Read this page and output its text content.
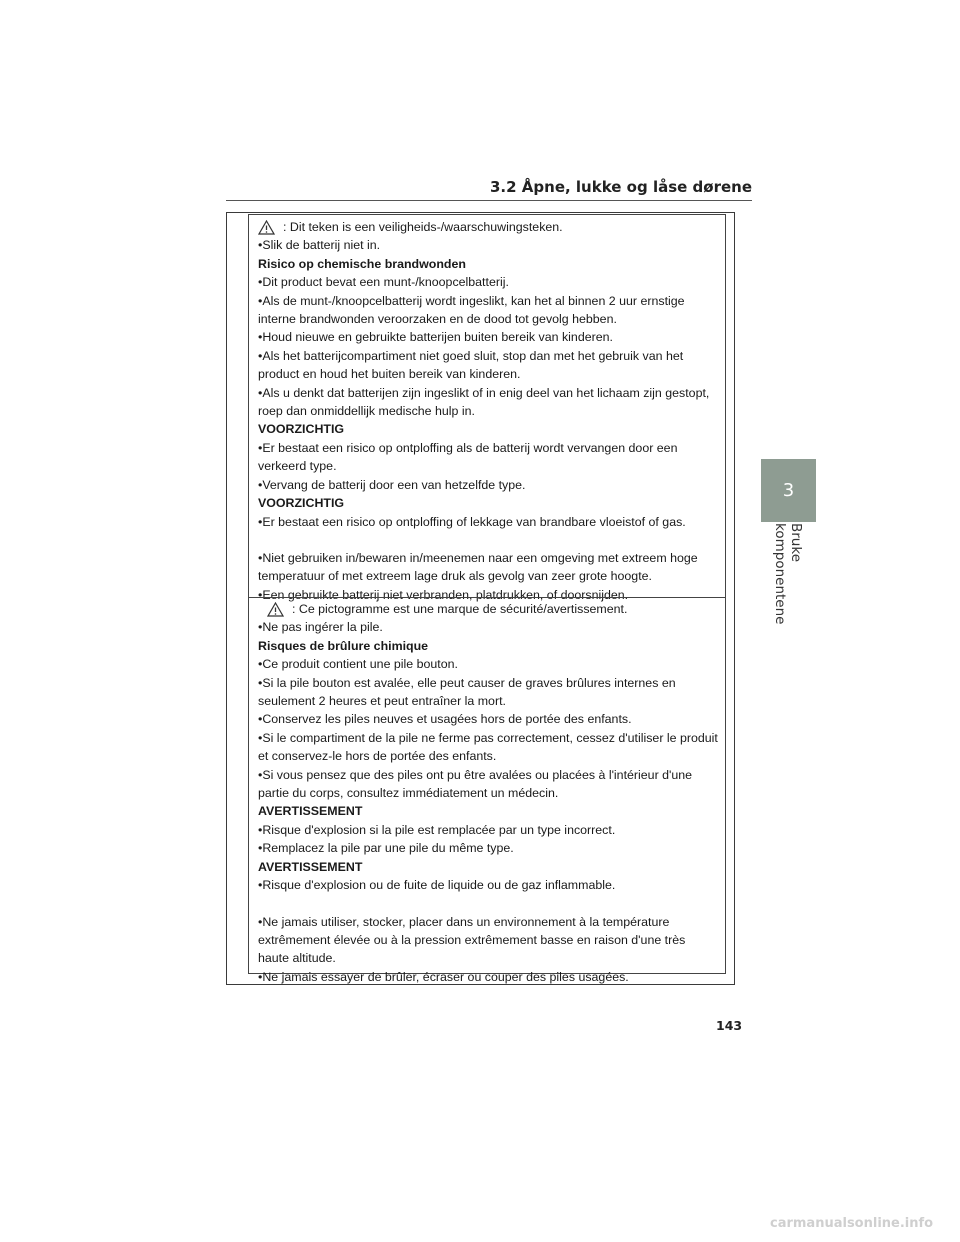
3.2 Åpne, lukke og låse dørene
3
Bruke komponentene
: Dit teken is een veiligheids-/waarschuwingsteken.

•Slik de batterij niet in.

Risico op chemische brandwonden

•Dit product bevat een munt-/knoopcelbatterij.

•Als de munt-/knoopcelbatterij wordt ingeslikt, kan het al binnen 2 uur ernstige interne brandwonden veroorzaken en de dood tot gevolg hebben.

•Houd nieuwe en gebruikte batterijen buiten bereik van kinderen.

•Als het batterijcompartiment niet goed sluit, stop dan met het gebruik van het product en houd het buiten bereik van kinderen.

•Als u denkt dat batterijen zijn ingeslikt of in enig deel van het lichaam zijn gestopt, roep dan onmiddellijk medische hulp in.

VOORZICHTIG

•Er bestaat een risico op ontploffing als de batterij wordt vervangen door een verkeerd type.

•Vervang de batterij door een van hetzelfde type.

VOORZICHTIG

•Er bestaat een risico op ontploffing of lekkage van brandbare vloeistof of gas.

•Niet gebruiken in/bewaren in/meenemen naar een omgeving met extreem hoge temperatuur of met extreem lage druk als gevolg van zeer grote hoogte.

•Een gebruikte batterij niet verbranden, platdrukken, of doorsnijden.

: Ce pictogramme est une marque de sécurité/avertissement.

•Ne pas ingérer la pile.

Risques de brûlure chimique

•Ce produit contient une pile bouton.

•Si la pile bouton est avalée, elle peut causer de graves brûlures internes en seulement 2 heures et peut entraîner la mort.

•Conservez les piles neuves et usagées hors de portée des enfants.

•Si le compartiment de la pile ne ferme pas correctement, cessez d'utiliser le produit et conservez-le hors de portée des enfants.

•Si vous pensez que des piles ont pu être avalées ou placées à l'intérieur d'une partie du corps, consultez immédiatement un médecin.

AVERTISSEMENT

•Risque d'explosion si la pile est remplacée par un type incorrect.

•Remplacez la pile par une pile du même type.

AVERTISSEMENT

•Risque d'explosion ou de fuite de liquide ou de gaz inflammable.

•Ne jamais utiliser, stocker, placer dans un environnement à la température extrêmement élevée ou à la pression extrêmement basse en raison d'une très haute altitude.

•Ne jamais essayer de brûler, écraser ou couper des piles usagées.

143
carmanualsonline.info
